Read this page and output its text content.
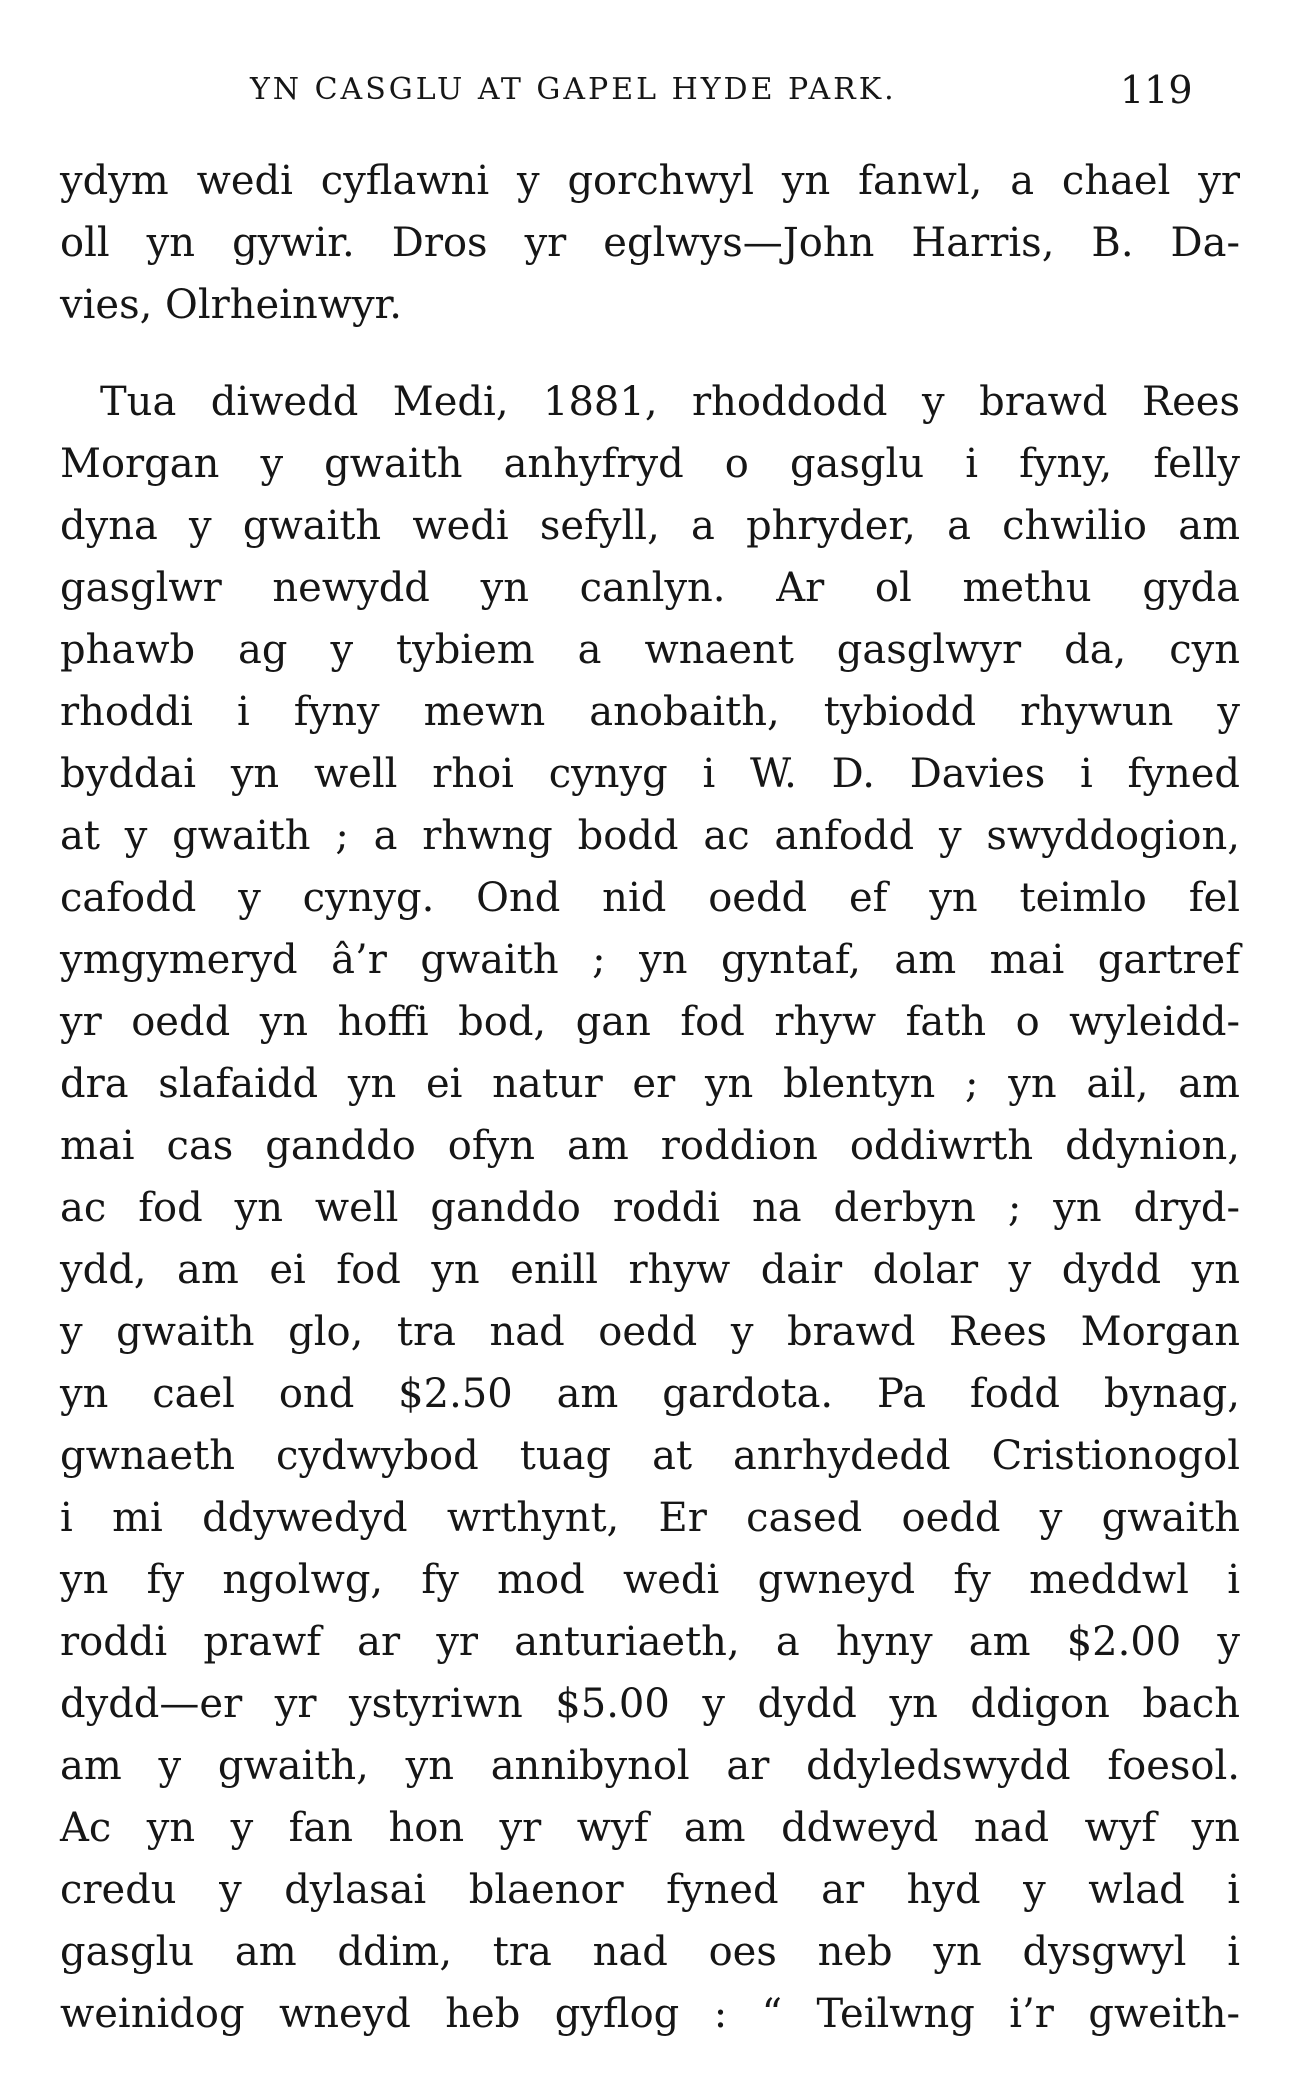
YN CASGLU AT GAPEL HYDE PARK.	119
ydym wedi cyflawni y gorchwyl yn fanwl, a chael yr
oll yn gywir. Dros yr eglwys—John Harris, B. Da-
vies, Olrheinwyr.
Tua diwedd Medi, 1881, rhoddodd y brawd Rees
Morgan y gwaith anhyfryd o gasglu i fyny, felly
dyna y gwaith wedi sefyll, a phryder, a chwilio am
gasglwr newydd yn canlyn. Ar ol methu gyda
phawb ag y tybiem a wnaent gasglwyr da, cyn
rhoddi i fyny mewn anobaith, tybiodd rhywun y
byddai yn well rhoi cynyg i W. D. Davies i fyned
at y gwaith ; a rhwng bodd ac anfodd y swyddogion,
cafodd y cynyg. Ond nid oedd ef yn teimlo fel
ymgymeryd â’r gwaith ; yn gyntaf, am mai gartref
yr oedd yn hoffi bod, gan fod rhyw fath o wyleidd-
dra slafaidd yn ei natur er yn blentyn ; yn ail, am
mai cas ganddo ofyn am roddion oddiwrth ddynion,
ac fod yn well ganddo roddi na derbyn ; yn dryd-
ydd, am ei fod yn enill rhyw dair dolar y dydd yn
y gwaith glo, tra nad oedd y brawd Rees Morgan
yn cael ond $2.50 am gardota. Pa fodd bynag,
gwnaeth cydwybod tuag at anrhydedd Cristionogol
i mi ddywedyd wrthynt, Er cased oedd y gwaith
yn fy ngolwg, fy mod wedi gwneyd fy meddwl i
roddi prawf ar yr anturiaeth, a hyny am $2.00 y
dydd—er yr ystyriwn $5.00 y dydd yn ddigon bach
am y gwaith, yn annibynol ar ddyledswydd foesol.
Ac yn y fan hon yr wyf am ddweyd nad wyf yn
credu y dylasai blaenor fyned ar hyd y wlad i
gasglu am ddim, tra nad oes neb yn dysgwyl i
weinidog wneyd heb gyflog : “ Teilwng i’r gweith-
